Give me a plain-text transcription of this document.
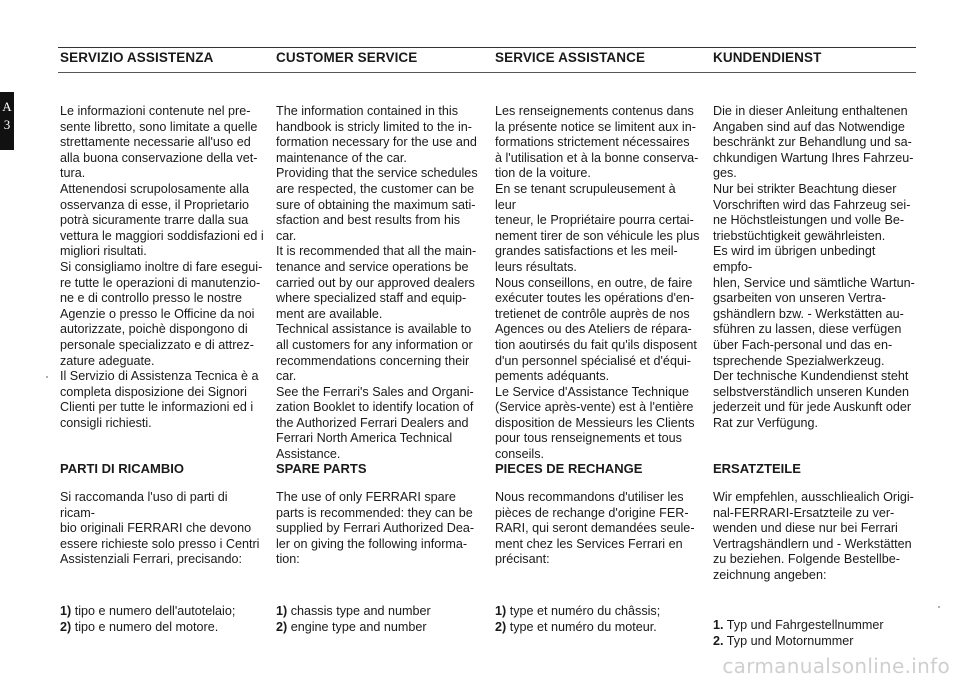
A
3
SERVIZIO ASSISTENZA
Le informazioni contenute nel pre-
sente libretto, sono limitate a quelle
strettamente necessarie all'uso ed
alla buona conservazione della vet-
tura.
Attenendosi scrupolosamente alla
osservanza di esse, il Proprietario
potrà sicuramente trarre dalla sua
vettura le maggiori soddisfazioni ed i
migliori risultati.
Si consigliamo inoltre di fare esegui-
re tutte le operazioni di manutenzio-
ne e di controllo presso le nostre
Agenzie o presso le Officine da noi
autorizzate, poichè dispongono di
personale specializzato e di attrez-
zature adeguate.
Il Servizio di Assistenza Tecnica è a
completa disposizione dei Signori
Clienti per tutte le informazioni ed i
consigli richiesti.
PARTI DI RICAMBIO
Si raccomanda l'uso di parti di ricam-
bio originali FERRARI che devono
essere richieste solo presso i Centri
Assistenziali Ferrari, precisando:
1) tipo e numero dell'autotelaio;
2) tipo e numero del motore.
CUSTOMER SERVICE
The information contained in this
handbook is stricly limited to the in-
formation necessary for the use and
maintenance of the car.
Providing that the service schedules
are respected, the customer can be
sure of obtaining the maximum sati-
sfaction and best results from his car.
It is recommended that all the main-
tenance and service operations be
carried out by our approved dealers
where specialized staff and equip-
ment are available.
Technical assistance is available to
all customers for any information or
recommendations concerning their
car.
See the Ferrari's Sales and Organi-
zation Booklet to identify location of
the Authorized Ferrari Dealers and
Ferrari North America Technical
Assistance.
SPARE PARTS
The use of only FERRARI spare
parts is recommended: they can be
supplied by Ferrari Authorized Dea-
ler on giving the following informa-
tion:
1) chassis type and number
2) engine type and number
SERVICE ASSISTANCE
Les renseignements contenus dans
la présente notice se limitent aux in-
formations strictement nécessaires
à l'utilisation et à la bonne conserva-
tion de la voiture.
En se tenant scrupuleusement à leur
teneur, le Propriétaire pourra certai-
nement tirer de son véhicule les plus
grandes satisfactions et les meil-
leurs résultats.
Nous conseillons, en outre, de faire
exécuter toutes les opérations d'en-
tretienet de contrôle auprès de nos
Agences ou des Ateliers de répara-
tion aoutirsés du fait qu'ils disposent
d'un personnel spécialisé et d'équi-
pements adéquants.
Le Service d'Assistance Technique
(Service après-vente) est à l'entière
disposition de Messieurs les Clients
pour tous renseignements et tous
conseils.
PIECES DE RECHANGE
Nous recommandons d'utiliser les
pièces de rechange d'origine FER-
RARI, qui seront demandées seule-
ment chez les Services Ferrari en
précisant:
1) type et numéro du châssis;
2) type et numéro du moteur.
KUNDENDIENST
Die in dieser Anleitung enthaltenen
Angaben sind auf das Notwendige
beschränkt zur Behandlung und sa-
chkundigen Wartung Ihres Fahrzeu-
ges.
Nur bei strikter Beachtung dieser
Vorschriften wird das Fahrzeug sei-
ne Höchstleistungen und volle Be-
triebstüchtigkeit gewährleisten.
Es wird im übrigen unbedingt empfo-
hlen, Service und sämtliche Wartun-
gsarbeiten von unseren Vertra-
gshändlern bzw. - Werkstätten au-
sführen zu lassen, diese verfügen
über Fach-personal und das en-
tsprechende Spezialwerkzeug.
Der technische Kundendienst steht
selbstverständlich unseren Kunden
jederzeit und für jede Auskunft oder
Rat zur Verfügung.
ERSATZTEILE
Wir empfehlen, ausschliealich Origi-
nal-FERRARI-Ersatzteile zu ver-
wenden und diese nur bei Ferrari
Vertragshändlern und - Werkstätten
zu beziehen. Folgende Bestellbe-
zeichnung angeben:
1. Typ und Fahrgestellnummer
2. Typ und Motornummer
carmanualsonline.info
